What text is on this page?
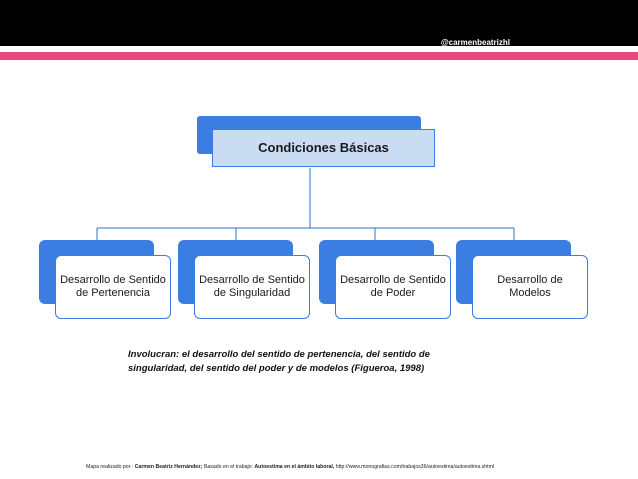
@carmenbeatrizhl
Condiciones Básicas
Desarrollo de Sentido de Pertenencia
Desarrollo de Sentido de Singularidad
Desarrollo de Sentido de Poder
Desarrollo de Modelos
Involucran: el desarrollo del sentido de pertenencia, del sentido de singularidad, del sentido del poder y de modelos (Figueroa, 1998)
Mapa realizado por : Carmen Beatriz Hernández; Basado en el trabajo: Autoestima en el ámbito laboral, http://www.monografias.com/trabajos36/autoestima/autoestima.shtml
